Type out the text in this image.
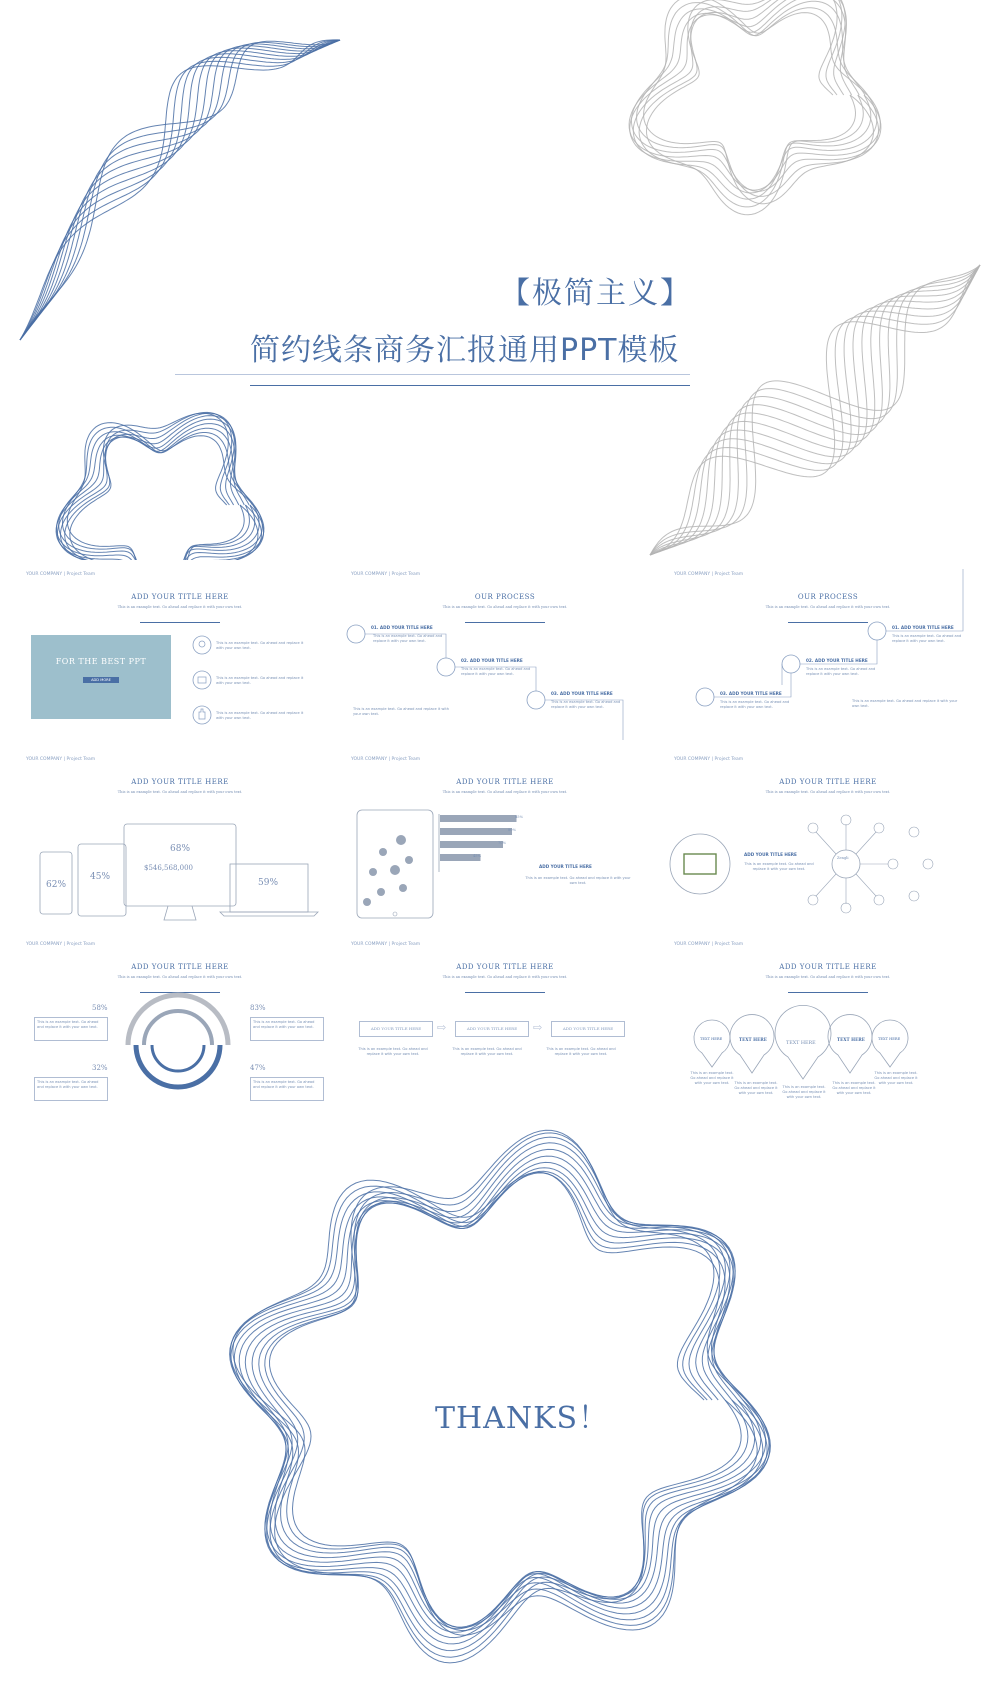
【极简主义】
简约线条商务汇报通用PPT模板
YOUR COMPANY | Project Team
ADD YOUR TITLE HERE
This is an example text. Go ahead and replace it with your own text.
FOR THE BEST PPT
ADD MORE
This is an example text. Go ahead and replace it with your own text.
This is an example text. Go ahead and replace it with your own text.
This is an example text. Go ahead and replace it with your own text.
YOUR COMPANY | Project Team
OUR PROCESS
This is an example text. Go ahead and replace it with your own text.
01. ADD YOUR TITLE HERE
02. ADD YOUR TITLE HERE
03. ADD YOUR TITLE HERE
This is an example text. Go ahead and replace it with your own text.
This is an example text. Go ahead and replace it with your own text.
This is an example text. Go ahead and replace it with your own text.
This is an example text. Go ahead and replace it with your own text.
YOUR COMPANY | Project Team
OUR PROCESS
This is an example text. Go ahead and replace it with your own text.
01. ADD YOUR TITLE HERE
02. ADD YOUR TITLE HERE
03. ADD YOUR TITLE HERE
This is an example text. Go ahead and replace it with your own text.
This is an example text. Go ahead and replace it with your own text.
This is an example text. Go ahead and replace it with your own text.
This is an example text. Go ahead and replace it with your own text.
YOUR COMPANY | Project Team
ADD YOUR TITLE HERE
This is an example text. Go ahead and replace it with your own text.
62%
45%
68%
$546,568,000
59%
YOUR COMPANY | Project Team
ADD YOUR TITLE HERE
This is an example text. Go ahead and replace it with your own text.
85%
80%
70%
45%
ADD YOUR TITLE HERE
This is an example text. Go ahead and replace it with your own text.
YOUR COMPANY | Project Team
ADD YOUR TITLE HERE
This is an example text. Go ahead and replace it with your own text.
Zengli
ADD YOUR TITLE HERE
This is an example text. Go ahead and replace it with your own text.
YOUR COMPANY | Project Team
ADD YOUR TITLE HERE
This is an example text. Go ahead and replace it with your own text.
This is an example text. Go ahead and replace it with your own text.
This is an example text. Go ahead and replace it with your own text.
This is an example text. Go ahead and replace it with your own text.
This is an example text. Go ahead and replace it with your own text.
58%
32%
83%
47%
YOUR COMPANY | Project Team
ADD YOUR TITLE HERE
This is an example text. Go ahead and replace it with your own text.
ADD YOUR TITLE HERE	⇨	ADD YOUR TITLE HERE	⇨	ADD YOUR TITLE HERE
This is an example text. Go ahead and replace it with your own text.
This is an example text. Go ahead and replace it with your own text.
This is an example text. Go ahead and replace it with your own text.
YOUR COMPANY | Project Team
ADD YOUR TITLE HERE
This is an example text. Go ahead and replace it with your own text.
TEXT HERE	TEXT HERE
TEXT HERE
TEXT HERE	TEXT HERE
This is an example text. Go ahead and replace it with your own text.	This is an example text. Go ahead and replace it with your own text.
This is an example text. Go ahead and replace it with your own text.
This is an example text. Go ahead and replace it with your own text.
This is an example text. Go ahead and replace it with your own text.
THANKS！
